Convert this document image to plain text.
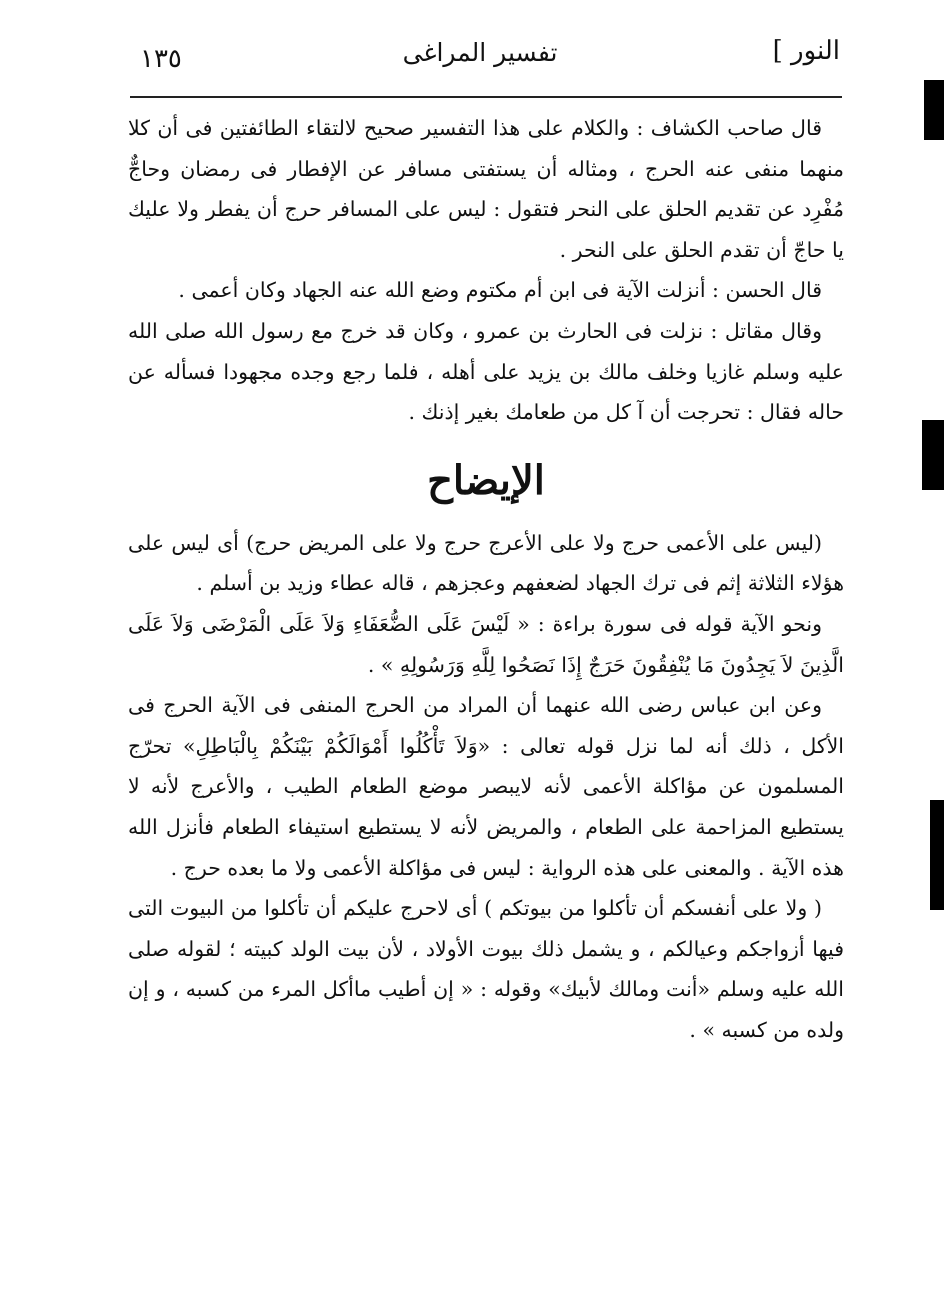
النور ]
تفسير المراغى
١٣٥

قال صاحب الكشاف : والكلام على هذا التفسير صحيح لالتقاء الطائفتين فى أن كلا منهما منفى عنه الحرج ، ومثاله أن يستفتى مسافر عن الإفطار فى رمضان وحاجٌّ مُفْرِد عن تقديم الحلق على النحر فتقول : ليس على المسافر حرج أن يفطر ولا عليك يا حاجّ أن تقدم الحلق على النحر .

قال الحسن : أنزلت الآية فى ابن أم مكتوم وضع الله عنه الجهاد وكان أعمى .

وقال مقاتل : نزلت فى الحارث بن عمرو ، وكان قد خرج مع رسول الله صلى الله عليه وسلم غازيا وخلف مالك بن يزيد على أهله ، فلما رجع وجده مجهودا فسأله عن حاله فقال : تحرجت أن آ كل من طعامك بغير إذنك .

الإيضاح

(ليس على الأعمى حرج ولا على الأعرج حرج ولا على المريض حرج) أى ليس على هؤلاء الثلاثة إثم فى ترك الجهاد لضعفهم وعجزهم ، قاله عطاء وزيد بن أسلم .

ونحو الآية قوله فى سورة براءة : « لَيْسَ عَلَى الضُّعَفَاءِ وَلاَ عَلَى الْمَرْضَى وَلاَ عَلَى الَّذِينَ لاَ يَجِدُونَ مَا يُنْفِقُونَ حَرَجٌ إِذَا نَصَحُوا لِلَّهِ وَرَسُولِهِ » .

وعن ابن عباس رضى الله عنهما أن المراد من الحرج المنفى فى الآية الحرج فى الأكل ، ذلك أنه لما نزل قوله تعالى : «وَلاَ تَأْكُلُوا أَمْوَالَكُمْ بَيْنَكُمْ بِالْبَاطِلِ» تحرّج المسلمون عن مؤاكلة الأعمى لأنه لايبصر موضع الطعام الطيب ، والأعرج لأنه لا يستطيع المزاحمة على الطعام ، والمريض لأنه لا يستطيع استيفاء الطعام فأنزل الله هذه الآية . والمعنى على هذه الرواية : ليس فى مؤاكلة الأعمى ولا ما بعده حرج .

( ولا على أنفسكم أن تأكلوا من بيوتكم ) أى لاحرج عليكم أن تأكلوا من البيوت التى فيها أزواجكم وعيالكم ، و يشمل ذلك بيوت الأولاد ، لأن بيت الولد كبيته ؛ لقوله صلى الله عليه وسلم «أنت ومالك لأبيك» وقوله : « إن أطيب ماأكل المرء من كسبه ، و إن ولده من كسبه » .
